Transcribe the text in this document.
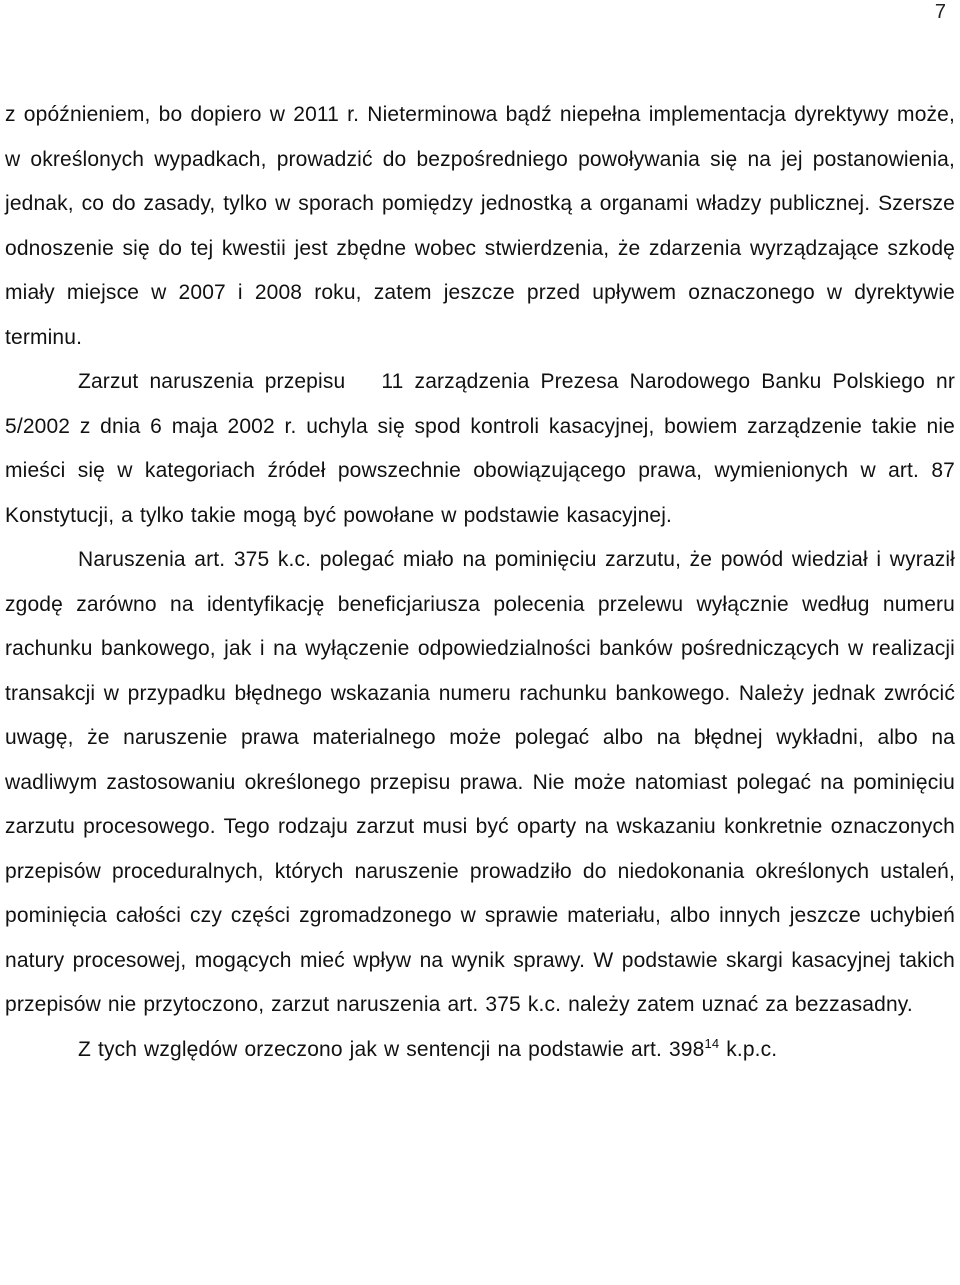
7

z opóźnieniem, bo dopiero w 2011 r. Nieterminowa bądź niepełna implementacja dyrektywy może, w określonych wypadkach, prowadzić do bezpośredniego powoływania się na jej postanowienia, jednak, co do zasady, tylko w sporach pomiędzy jednostką a organami władzy publicznej. Szersze odnoszenie się do tej kwestii jest zbędne wobec stwierdzenia, że zdarzenia wyrządzające szkodę miały miejsce w 2007 i 2008 roku, zatem jeszcze przed upływem oznaczonego w dyrektywie terminu.

Zarzut naruszenia przepisu  11 zarządzenia Prezesa Narodowego Banku Polskiego nr 5/2002 z dnia 6 maja 2002 r. uchyla się spod kontroli kasacyjnej, bowiem zarządzenie takie nie mieści się w kategoriach źródeł powszechnie obowiązującego prawa, wymienionych w art. 87 Konstytucji, a tylko takie mogą być powołane w podstawie kasacyjnej.

Naruszenia art. 375 k.c. polegać miało na pominięciu zarzutu, że powód wiedział i wyraził zgodę zarówno na identyfikację beneficjariusza polecenia przelewu wyłącznie według numeru rachunku bankowego, jak i na wyłączenie odpowiedzialności banków pośredniczących w realizacji transakcji w przypadku błędnego wskazania numeru rachunku bankowego. Należy jednak zwrócić uwagę, że naruszenie prawa materialnego może polegać albo na błędnej wykładni, albo na wadliwym zastosowaniu określonego przepisu prawa. Nie może natomiast polegać na pominięciu zarzutu procesowego. Tego rodzaju zarzut musi być oparty na wskazaniu konkretnie oznaczonych przepisów proceduralnych, których naruszenie prowadziło do niedokonania określonych ustaleń, pominięcia całości czy części zgromadzonego w sprawie materiału, albo innych jeszcze uchybień natury procesowej, mogących mieć wpływ na wynik sprawy. W podstawie skargi kasacyjnej takich przepisów nie przytoczono, zarzut naruszenia art. 375 k.c. należy zatem uznać za bezzasadny.

Z tych względów orzeczono jak w sentencji na podstawie art. $398^{14}$ k.p.c.
